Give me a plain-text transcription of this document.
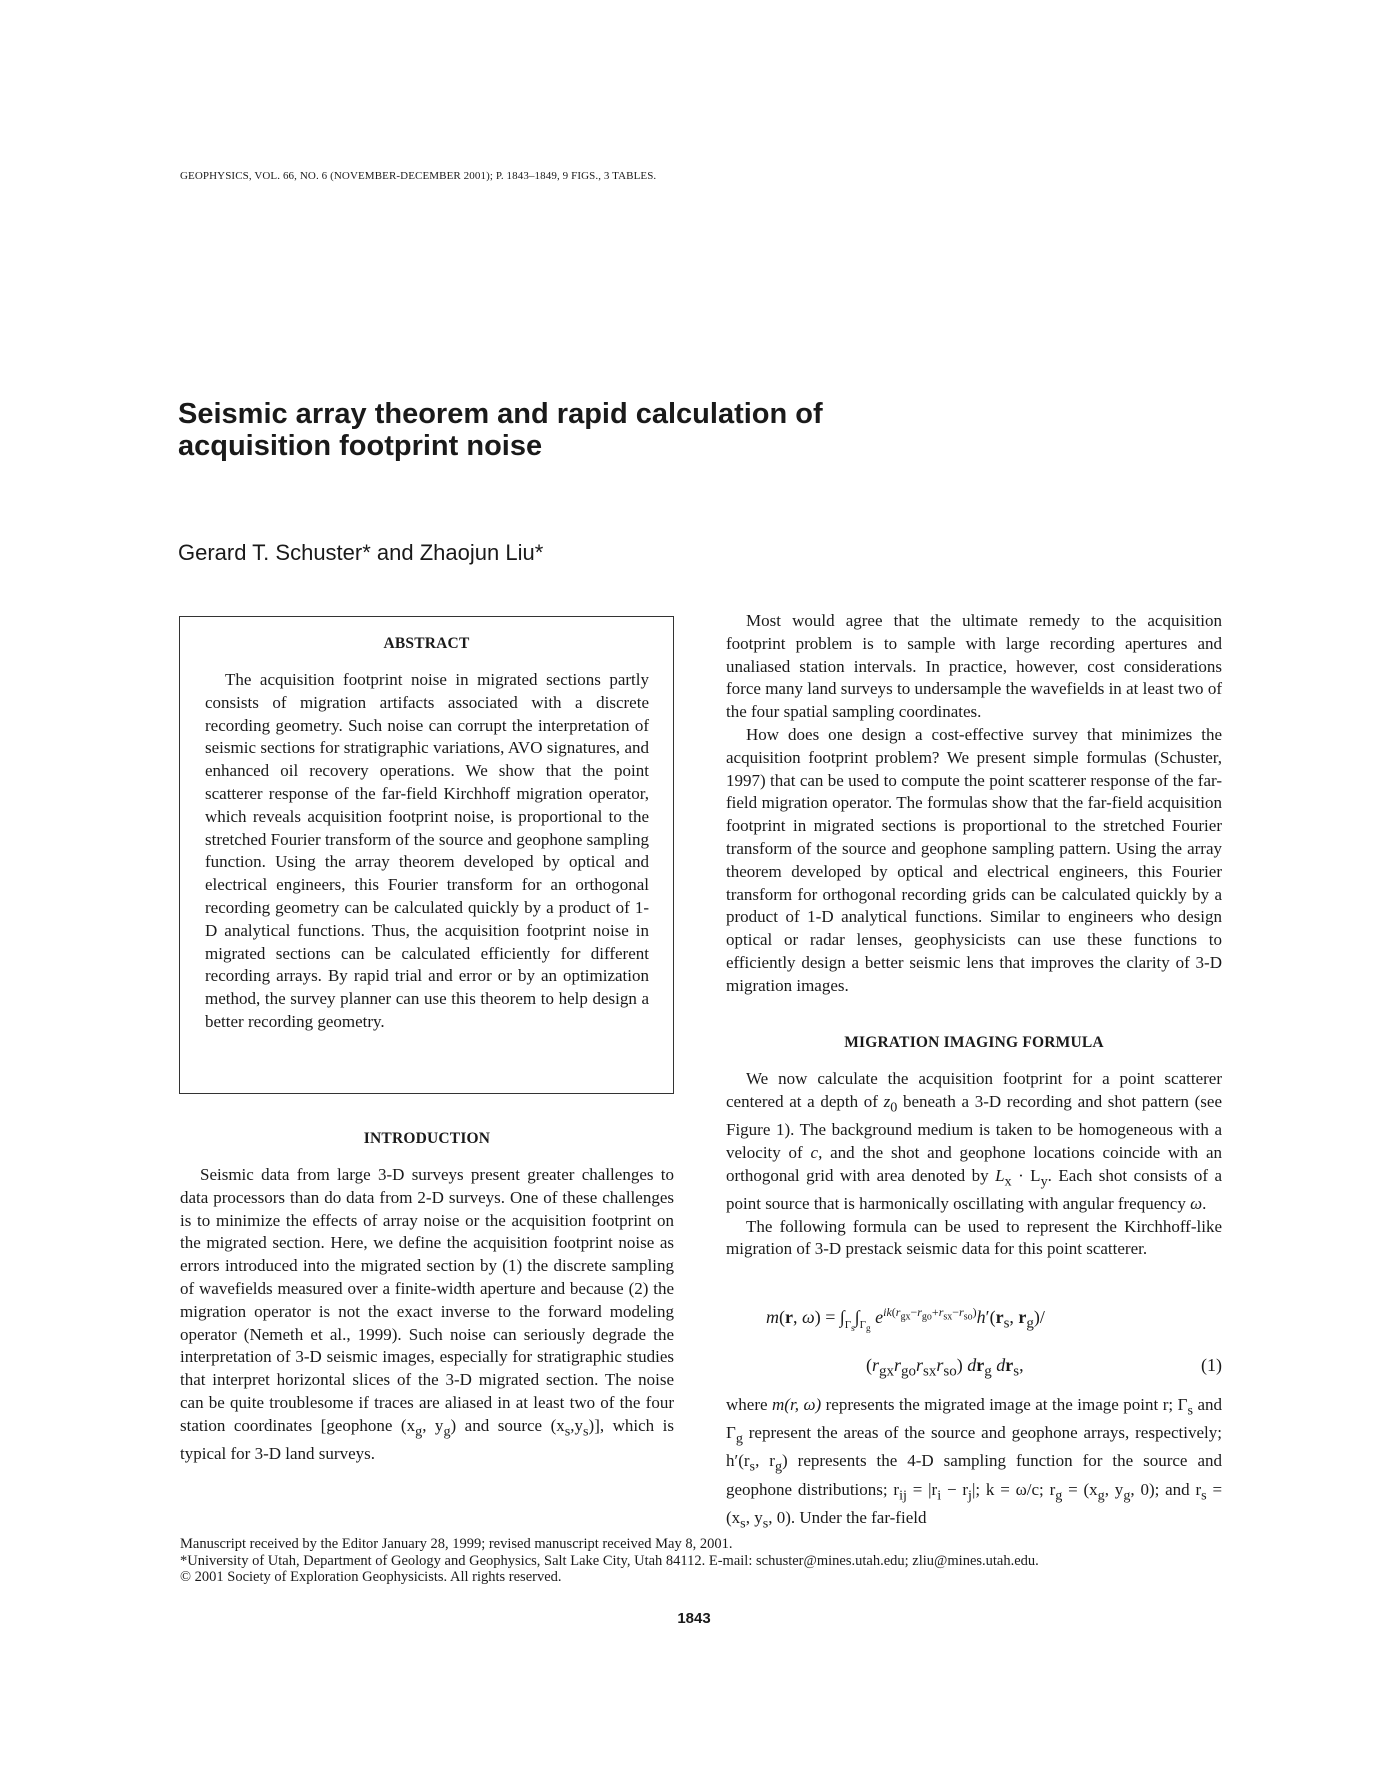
GEOPHYSICS, VOL. 66, NO. 6 (NOVEMBER-DECEMBER 2001); P. 1843–1849, 9 FIGS., 3 TABLES.
Seismic array theorem and rapid calculation of acquisition footprint noise
Gerard T. Schuster* and Zhaojun Liu*
ABSTRACT

The acquisition footprint noise in migrated sections partly consists of migration artifacts associated with a discrete recording geometry. Such noise can corrupt the interpretation of seismic sections for stratigraphic variations, AVO signatures, and enhanced oil recovery operations. We show that the point scatterer response of the far-field Kirchhoff migration operator, which reveals acquisition footprint noise, is proportional to the stretched Fourier transform of the source and geophone sampling function. Using the array theorem developed by optical and electrical engineers, this Fourier transform for an orthogonal recording geometry can be calculated quickly by a product of 1-D analytical functions. Thus, the acquisition footprint noise in migrated sections can be calculated efficiently for different recording arrays. By rapid trial and error or by an optimization method, the survey planner can use this theorem to help design a better recording geometry.

INTRODUCTION

Seismic data from large 3-D surveys present greater challenges to data processors than do data from 2-D surveys. One of these challenges is to minimize the effects of array noise or the acquisition footprint on the migrated section. Here, we define the acquisition footprint noise as errors introduced into the migrated section by (1) the discrete sampling of wavefields measured over a finite-width aperture and because (2) the migration operator is not the exact inverse to the forward modeling operator (Nemeth et al., 1999). Such noise can seriously degrade the interpretation of 3-D seismic images, especially for stratigraphic studies that interpret horizontal slices of the 3-D migrated section. The noise can be quite troublesome if traces are aliased in at least two of the four station coordinates [geophone ($x_g$, $y_g$) and source $(x_s,y_s)$], which is typical for 3-D land surveys.

Most would agree that the ultimate remedy to the acquisition footprint problem is to sample with large recording apertures and unaliased station intervals. In practice, however, cost considerations force many land surveys to undersample the wavefields in at least two of the four spatial sampling coordinates.

How does one design a cost-effective survey that minimizes the acquisition footprint problem? We present simple formulas (Schuster, 1997) that can be used to compute the point scatterer response of the far-field migration operator. The formulas show that the far-field acquisition footprint in migrated sections is proportional to the stretched Fourier transform of the source and geophone sampling pattern. Using the array theorem developed by optical and electrical engineers, this Fourier transform for orthogonal recording grids can be calculated quickly by a product of 1-D analytical functions. Similar to engineers who design optical or radar lenses, geophysicists can use these functions to efficiently design a better seismic lens that improves the clarity of 3-D migration images.

MIGRATION IMAGING FORMULA

We now calculate the acquisition footprint for a point scatterer centered at a depth of $z_0$ beneath a 3-D recording and shot pattern (see Figure 1). The background medium is taken to be homogeneous with a velocity of c, and the shot and geophone locations coincide with an orthogonal grid with area denoted by $L_x \cdot L_y$. Each shot consists of a point source that is harmonically oscillating with angular frequency ω.

The following formula can be used to represent the Kirchhoff-like migration of 3-D prestack seismic data for this point scatterer.

m(r, $\omega) = \int_{\Gamma_s}\int_{\Gamma_g}$ $e^{ik(r_{gx}-r_{go}+r_{sx}-r_{so})}h'(r_s$, $r_g)/$
$(r_{gx}r_{go}r_{sx}r_{so})$ $dr_g$ $dr_s$,	(1)

where m(r, ω) represents the migrated image at the image point r; $\Gamma_s$ and $\Gamma_g$ represent the areas of the source and geophone arrays, respectively; $h'(r_s$, $r_g$) represents the 4-D sampling function for the source and geophone distributions; $r_{ij} = |r_i - r_j|$; k = ω/c; $r_g = (x_g$, $y_g$, 0); and $r_s = (x_s$, $y_s$, 0). Under the far-field

Manuscript received by the Editor January 28, 1999; revised manuscript received May 8, 2001.
*University of Utah, Department of Geology and Geophysics, Salt Lake City, Utah 84112. E-mail: schuster@mines.utah.edu; zliu@mines.utah.edu.
© 2001 Society of Exploration Geophysicists. All rights reserved.
1843
